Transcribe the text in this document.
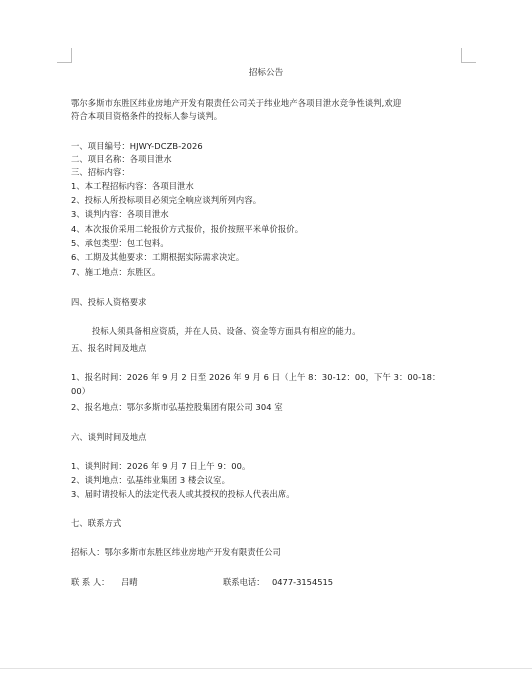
招标公告
鄂尔多斯市东胜区纬业房地产开发有限责任公司关于纬业地产各项目泄水竞争性谈判,欢迎
符合本项目资格条件的投标人参与谈判。
一、项目编号：HJWY-DCZB-2026
二、项目名称：各项目泄水
三、招标内容：
1、本工程招标内容：各项目泄水
2、投标人所投标项目必须完全响应谈判所列内容。
3、谈判内容：各项目泄水
4、本次报价采用二轮报价方式报价，报价按照平米单价报价。
5、承包类型：包工包料。
6、工期及其他要求：工期根据实际需求决定。
7、施工地点：东胜区。
四、投标人资格要求
投标人须具备相应资质，并在人员、设备、资金等方面具有相应的能力。
五、报名时间及地点
1、报名时间：2026 年 9 月 2 日至 2026 年 9 月 6 日（上午 8：30-12：00，下午 3：00-18：
00）
2、报名地点：鄂尔多斯市弘基控股集团有限公司 304 室
六、谈判时间及地点
1、谈判时间：2026 年 9 月 7 日上午 9：00。
2、谈判地点：弘基纬业集团 3 楼会议室。
3、届时请投标人的法定代表人或其授权的投标人代表出席。
七、联系方式
招标人：鄂尔多斯市东胜区纬业房地产开发有限责任公司
联 系 人： 吕晴	联系电话： 0477-3154515
